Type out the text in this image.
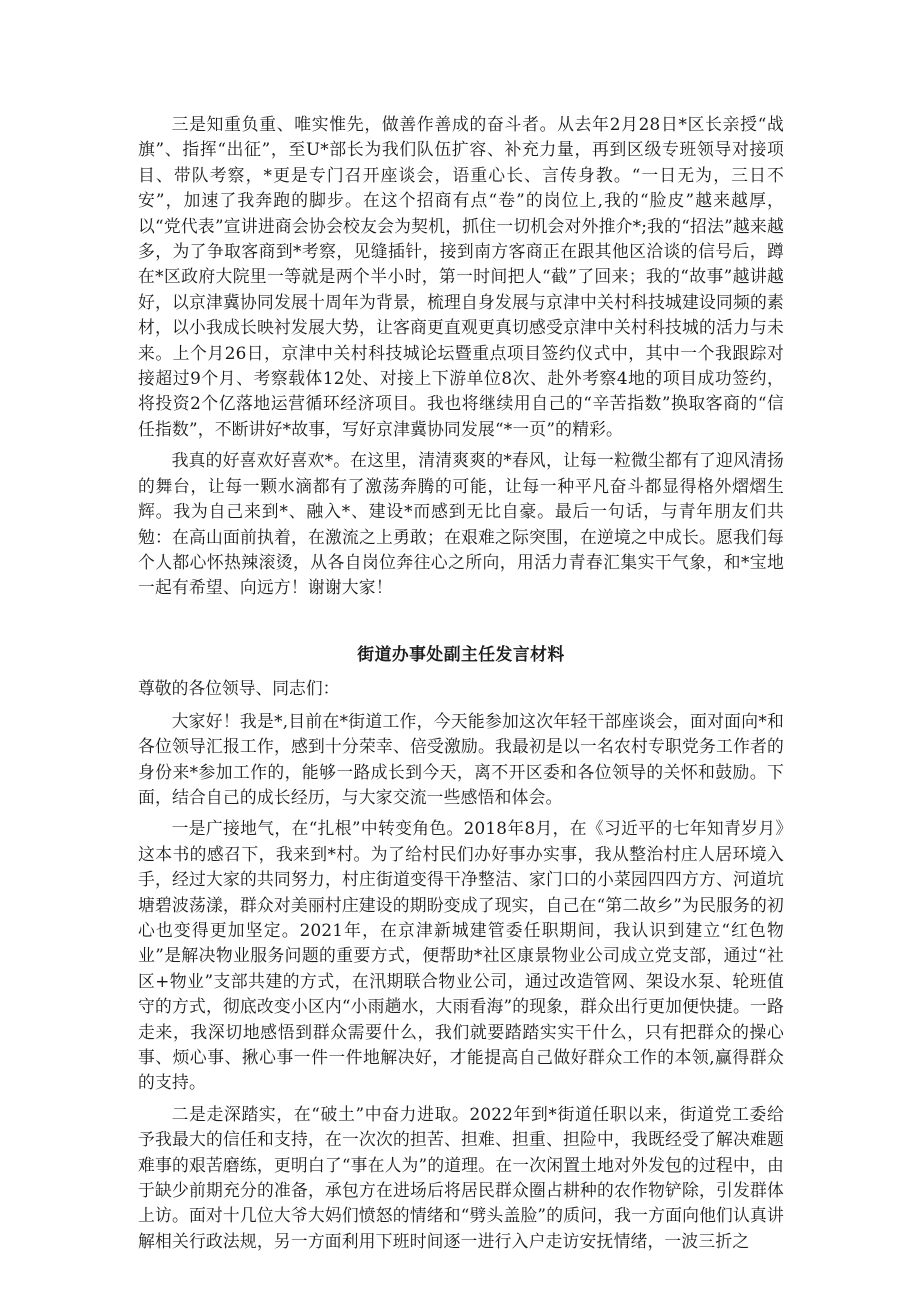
三是知重负重、唯实惟先，做善作善成的奋斗者。从去年2月28日*区长亲授“战旗”、指挥“出征”，至U*部长为我们队伍扩容、补充力量，再到区级专班领导对接项目、带队考察，*更是专门召开座谈会，语重心长、言传身教。“一日无为，三日不安”，加速了我奔跑的脚步。在这个招商有点“卷”的岗位上,我的“脸皮”越来越厚，以“党代表”宣讲进商会协会校友会为契机，抓住一切机会对外推介*;我的“招法”越来越多，为了争取客商到*考察，见缝插针，接到南方客商正在跟其他区洽谈的信号后，蹲在*区政府大院里一等就是两个半小时，第一时间把人“截”了回来；我的“故事”越讲越好，以京津冀协同发展十周年为背景，梳理自身发展与京津中关村科技城建设同频的素材，以小我成长映衬发展大势，让客商更直观更真切感受京津中关村科技城的活力与未来。上个月26日，京津中关村科技城论坛暨重点项目签约仪式中，其中一个我跟踪对接超过9个月、考察载体12处、对接上下游单位8次、赴外考察4地的项目成功签约，将投资2个亿落地运营循环经济项目。我也将继续用自己的“辛苦指数”换取客商的“信任指数”，不断讲好*故事，写好京津冀协同发展“*一页”的精彩。

我真的好喜欢好喜欢*。在这里，清清爽爽的*春风，让每一粒微尘都有了迎风清扬的舞台，让每一颗水滴都有了激荡奔腾的可能，让每一种平凡奋斗都显得格外熠熠生辉。我为自己来到*、融入*、建设*而感到无比自豪。最后一句话，与青年朋友们共勉：在高山面前执着，在激流之上勇敢；在艰难之际突围，在逆境之中成长。愿我们每个人都心怀热辣滚烫，从各自岗位奔往心之所向，用活力青春汇集实干气象，和*宝地一起有希望、向远方！谢谢大家！

街道办事处副主任发言材料

尊敬的各位领导、同志们：

大家好！我是*,目前在*街道工作，今天能参加这次年轻干部座谈会，面对面向*和各位领导汇报工作，感到十分荣幸、倍受激励。我最初是以一名农村专职党务工作者的身份来*参加工作的，能够一路成长到今天，离不开区委和各位领导的关怀和鼓励。下面，结合自己的成长经历，与大家交流一些感悟和体会。

一是广接地气，在“扎根”中转变角色。2018年8月，在《习近平的七年知青岁月》这本书的感召下，我来到*村。为了给村民们办好事办实事，我从整治村庄人居环境入手，经过大家的共同努力，村庄街道变得干净整洁、家门口的小菜园四四方方、河道坑塘碧波荡漾，群众对美丽村庄建设的期盼变成了现实，自己在“第二故乡”为民服务的初心也变得更加坚定。2021年，在京津新城建管委任职期间，我认识到建立“红色物业”是解决物业服务问题的重要方式，便帮助*社区康景物业公司成立党支部，通过“社区+物业”支部共建的方式，在汛期联合物业公司，通过改造管网、架设水泵、轮班值守的方式，彻底改变小区内“小雨趟水，大雨看海”的现象，群众出行更加便快捷。一路走来，我深切地感悟到群众需要什么，我们就要踏踏实实干什么，只有把群众的操心事、烦心事、揪心事一件一件地解决好，才能提高自己做好群众工作的本领,赢得群众的支持。

二是走深踏实，在“破土”中奋力进取。2022年到*街道任职以来，街道党工委给予我最大的信任和支持，在一次次的担苦、担难、担重、担险中，我既经受了解决难题难事的艰苦磨练，更明白了“事在人为”的道理。在一次闲置土地对外发包的过程中，由于缺少前期充分的准备，承包方在进场后将居民群众圈占耕种的农作物铲除，引发群体上访。面对十几位大爷大妈们愤怒的情绪和“劈头盖脸”的质问，我一方面向他们认真讲解相关行政法规，另一方面利用下班时间逐一进行入户走访安抚情绪，一波三折之
